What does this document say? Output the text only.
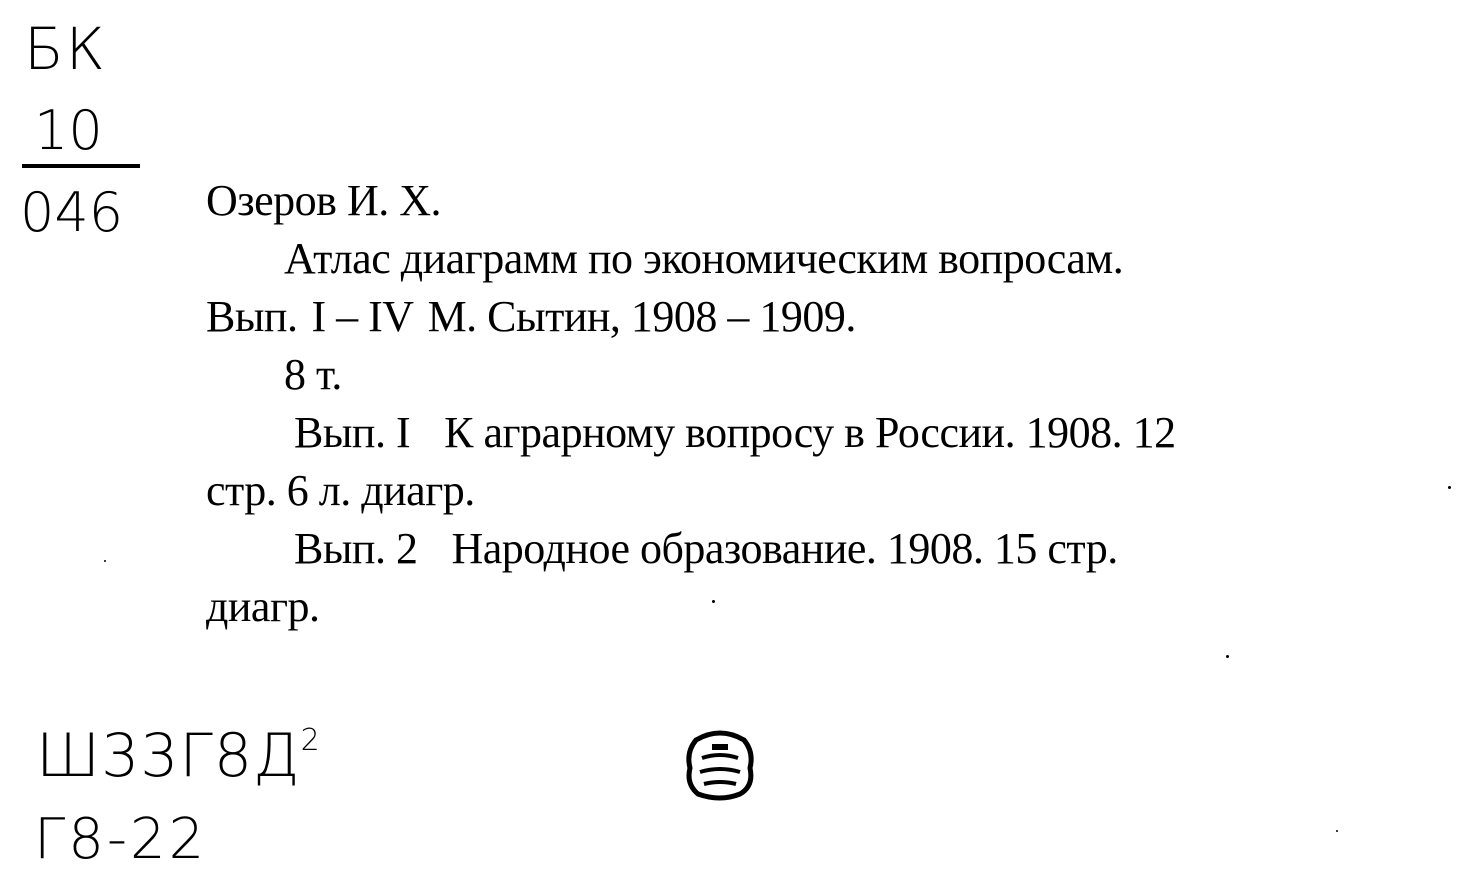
БК
10
046 Озеров И. Х.

Атлас диаграмм по экономическим вопросам.

Вып. I – IV М. Сытин, 1908 – 1909.

8 т.

Вып. I К аграрному вопросу в России. 1908. 12

стр. 6 л. диагр.

Вып. 2 Народное образование. 1908. 15 стр.

диагр.

$Ш33Г8Д^2$
Г8-22
